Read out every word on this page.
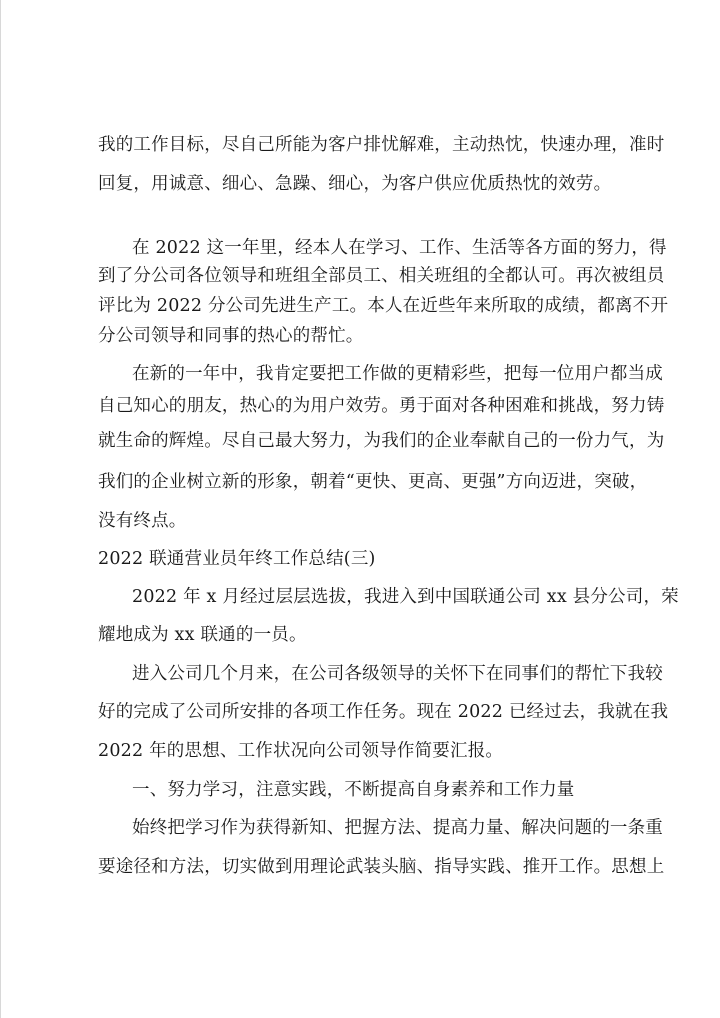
我的工作目标，尽自己所能为客户排忧解难，主动热忱，快速办理，准时
回复，用诚意、细心、急躁、细心，为客户供应优质热忱的效劳。
在 2022 这一年里，经本人在学习、工作、生活等各方面的努力，得
到了分公司各位领导和班组全部员工、相关班组的全都认可。再次被组员
评比为 2022 分公司先进生产工。本人在近些年来所取的成绩，都离不开
分公司领导和同事的热心的帮忙。
在新的一年中，我肯定要把工作做的更精彩些，把每一位用户都当成
自己知心的朋友，热心的为用户效劳。勇于面对各种困难和挑战，努力铸
就生命的辉煌。尽自己最大努力，为我们的企业奉献自己的一份力气，为
我们的企业树立新的形象，朝着“更快、更高、更强”方向迈进，突破，
没有终点。
2022 联通营业员年终工作总结(三)
2022 年 x 月经过层层选拔，我进入到中国联通公司 xx 县分公司，荣
耀地成为 xx 联通的一员。
进入公司几个月来，在公司各级领导的关怀下在同事们的帮忙下我较
好的完成了公司所安排的各项工作任务。现在 2022 已经过去，我就在我
2022 年的思想、工作状况向公司领导作简要汇报。
一、努力学习，注意实践，不断提高自身素养和工作力量
始终把学习作为获得新知、把握方法、提高力量、解决问题的一条重
要途径和方法，切实做到用理论武装头脑、指导实践、推开工作。思想上
